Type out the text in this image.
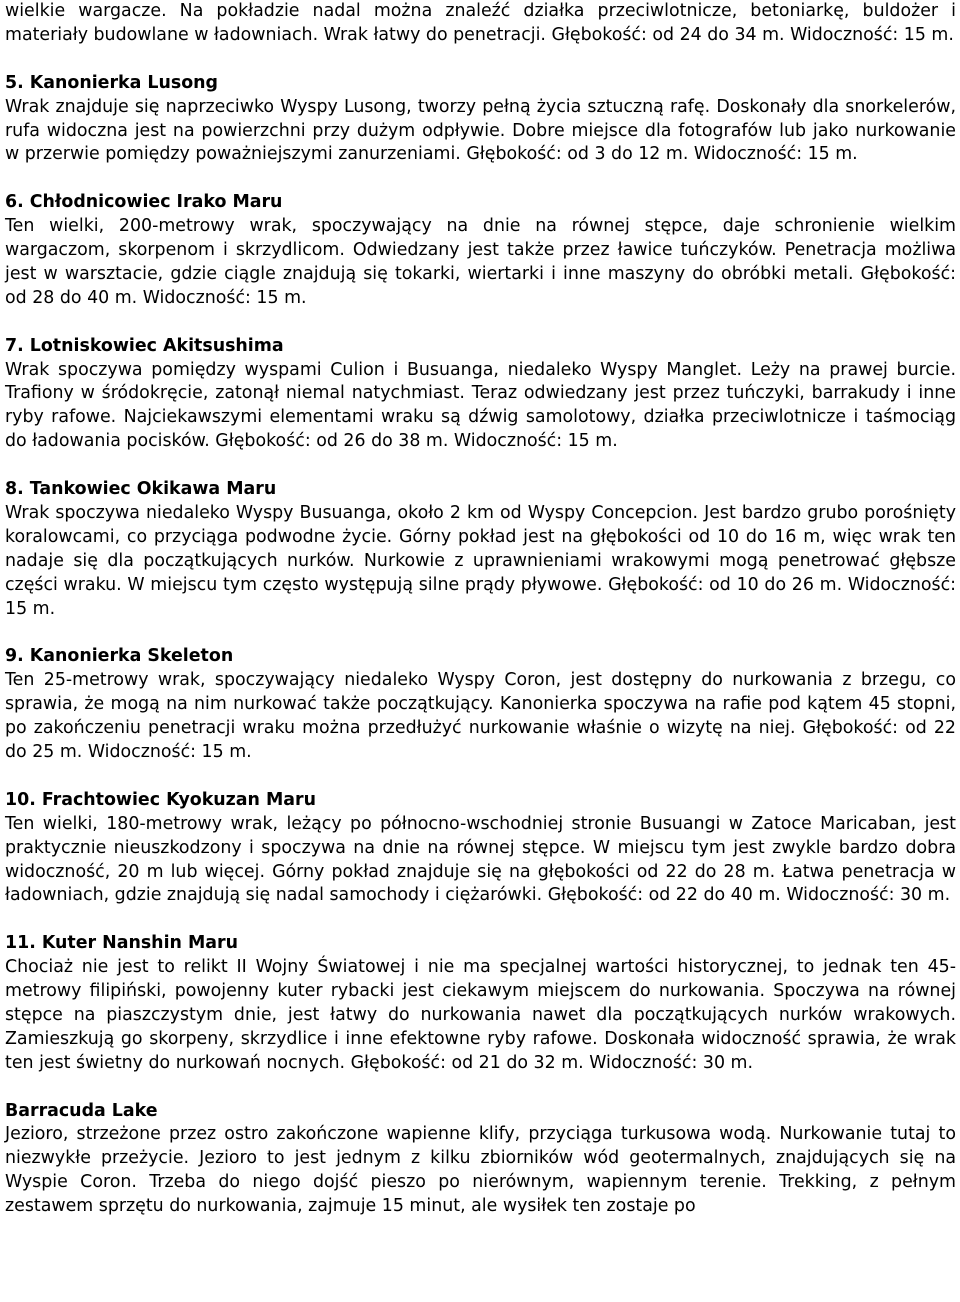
wielkie wargacze. Na pokładzie nadal można znaleźć działka przeciwlotnicze, betoniarkę, buldożer i materiały budowlane w ładowniach. Wrak łatwy do penetracji. Głębokość: od 24 do 34 m. Widoczność: 15 m.

5. Kanonierka Lusong

Wrak znajduje się naprzeciwko Wyspy Lusong, tworzy pełną życia sztuczną rafę. Doskonały dla snorkelerów, rufa widoczna jest na powierzchni przy dużym odpływie. Dobre miejsce dla fotografów lub jako nurkowanie w przerwie pomiędzy poważniejszymi zanurzeniami. Głębokość: od 3 do 12 m. Widoczność: 15 m.

6. Chłodnicowiec Irako Maru

Ten wielki, 200-metrowy wrak, spoczywający na dnie na równej stępce, daje schronienie wielkim wargaczom, skorpenom i skrzydlicom. Odwiedzany jest także przez ławice tuńczyków. Penetracja możliwa jest w warsztacie, gdzie ciągle znajdują się tokarki, wiertarki i inne maszyny do obróbki metali. Głębokość: od 28 do 40 m. Widoczność: 15 m.

7. Lotniskowiec Akitsushima

Wrak spoczywa pomiędzy wyspami Culion i Busuanga, niedaleko Wyspy Manglet. Leży na prawej burcie. Trafiony w śródokręcie, zatonął niemal natychmiast. Teraz odwiedzany jest przez tuńczyki, barrakudy i inne ryby rafowe. Najciekawszymi elementami wraku są dźwig samolotowy, działka przeciwlotnicze i taśmociąg do ładowania pocisków. Głębokość: od 26 do 38 m. Widoczność: 15 m.

8. Tankowiec Okikawa Maru

Wrak spoczywa niedaleko Wyspy Busuanga, około 2 km od Wyspy Concepcion. Jest bardzo grubo porośnięty koralowcami, co przyciąga podwodne życie. Górny pokład jest na głębokości od 10 do 16 m, więc wrak ten nadaje się dla początkujących nurków. Nurkowie z uprawnieniami wrakowymi mogą penetrować głębsze części wraku. W miejscu tym często występują silne prądy pływowe. Głębokość: od 10 do 26 m. Widoczność: 15 m.

9. Kanonierka Skeleton

Ten 25-metrowy wrak, spoczywający niedaleko Wyspy Coron, jest dostępny do nurkowania z brzegu, co sprawia, że mogą na nim nurkować także początkujący. Kanonierka spoczywa na rafie pod kątem 45 stopni, po zakończeniu penetracji wraku można przedłużyć nurkowanie właśnie o wizytę na niej. Głębokość: od 22 do 25 m. Widoczność: 15 m.

10. Frachtowiec Kyokuzan Maru

Ten wielki, 180-metrowy wrak, leżący po północno-wschodniej stronie Busuangi w Zatoce Maricaban, jest praktycznie nieuszkodzony i spoczywa na dnie na równej stępce. W miejscu tym jest zwykle bardzo dobra widoczność, 20 m lub więcej. Górny pokład znajduje się na głębokości od 22 do 28 m. Łatwa penetracja w ładowniach, gdzie znajdują się nadal samochody i ciężarówki. Głębokość: od 22 do 40 m. Widoczność: 30 m.

11. Kuter Nanshin Maru

Chociaż nie jest to relikt II Wojny Światowej i nie ma specjalnej wartości historycznej, to jednak ten 45-metrowy filipiński, powojenny kuter rybacki jest ciekawym miejscem do nurkowania. Spoczywa na równej stępce na piaszczystym dnie, jest łatwy do nurkowania nawet dla początkujących nurków wrakowych. Zamieszkują go skorpeny, skrzydlice i inne efektowne ryby rafowe. Doskonała widoczność sprawia, że wrak ten jest świetny do nurkowań nocnych. Głębokość: od 21 do 32 m. Widoczność: 30 m.

Barracuda Lake

Jezioro, strzeżone przez ostro zakończone wapienne klify, przyciąga turkusowa wodą. Nurkowanie tutaj to niezwykłe przeżycie. Jezioro to jest jednym z kilku zbiorników wód geotermalnych, znajdujących się na Wyspie Coron. Trzeba do niego dojść pieszo po nierównym, wapiennym terenie. Trekking, z pełnym zestawem sprzętu do nurkowania, zajmuje 15 minut, ale wysiłek ten zostaje po
